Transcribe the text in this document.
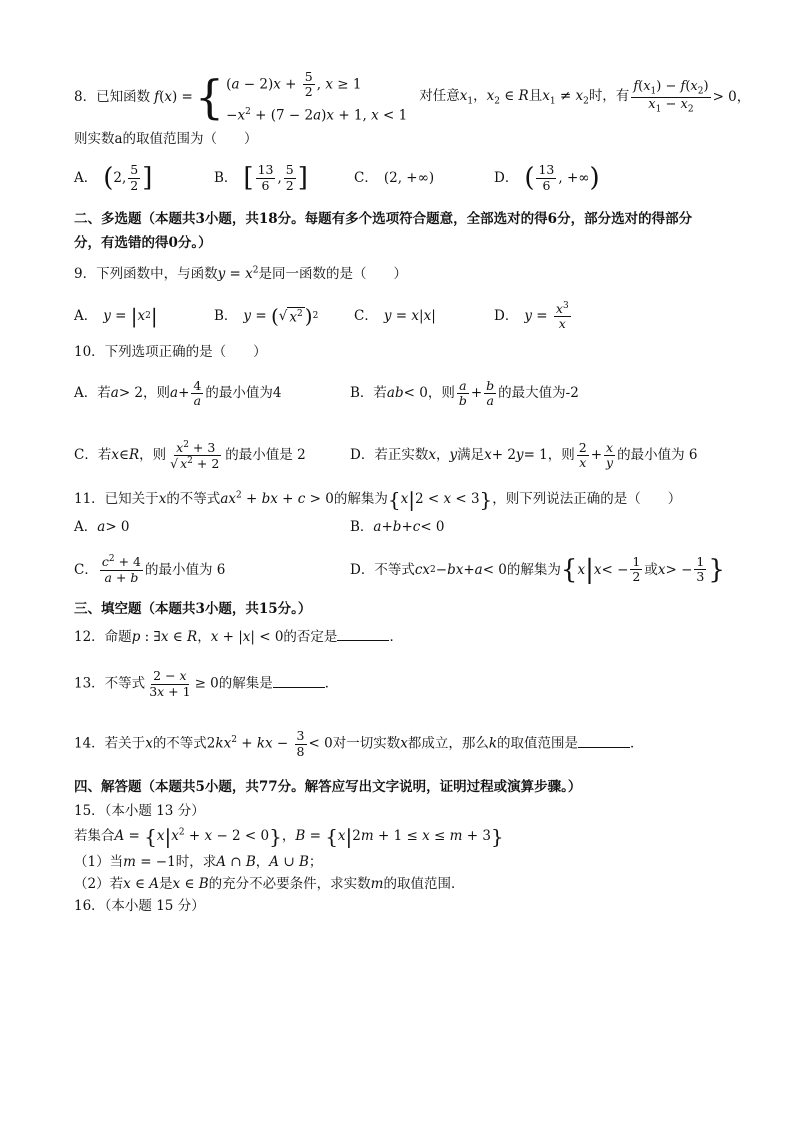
8． 已知函数 f(x) = { $(a - 2)x + \frac{5}{2}$ , x ≥ 1
$-x^2 + (7 - 2a)x + 1$, x < 1
对任意$x_1$，$x_2$ ∈ R且$x_1 \ne x_2$时，有 $\frac{f(x_1) - f(x_2)}{x_1 - x_2} > 0$，
则实数a的取值范围为（　　）
A． ( 2, $\frac{5}{2}$ ]	B． [ $\frac{13}{6}$ , $\frac{5}{2}$ ]	C． (2, +∞)	D． ( $\frac{13}{6}$ , +∞ )
二、多选题（本题共3小题，共18分。每题有多个选项符合题意，全部选对的得6分，部分选对的得部分
分，有选错的得0分。）
9．下列函数中，与函数$y = x^2$是同一函数的是（　　）
A． y = | x 2 |	B． y = ( √ $x^2$ ) 2	C． y = x | x |	D． $y = \frac{x^3}{x}$
10．下列选项正确的是（　　）
A．若 a > 2，则 $a + \frac{4}{a}$ 的最小值为4	B．若 ab < 0，则 $\frac{a}{b} + \frac{b}{a}$ 的最大值为-2
C．若 x ∈ R ，则 $\frac{x^2 + 3}{√ x^2 + 2}$ 的最小值是 2	D．若正实数 x ， y 满足 x + 2 y = 1，则 $\frac{2}{x} + \frac{x}{y}$ 的最小值为 6
11．已知关于x的不等式$ax^2$ + bx + c > 0的解集为{x|2 < x < 3}，则下列说法正确的是（　　）
A． a > 0	B． a + b + c < 0
C． $\frac{c^2 + 4}{a + b}$ 的最小值为 6	D．不等式 cx 2 − bx + a < 0的解集为 { x | x < − $\frac{1}{2}$ 或 x > − $\frac{1}{3}$ }
三、填空题（本题共3小题，共15分。）
12．命题p : ∃x ∈ R，x + |x| < 0的否定是	．
13．不等式 $\frac{2 - x}{3x + 1} \ge 0$的解集是	．
14．若关于x的不等式$2kx^2$ + kx − $\frac{3}{8} < 0$对一切实数x都成立，那么k的取值范围是	．
四、解答题（本题共5小题，共77分。解答应写出文字说明，证明过程或演算步骤。）
15．（本小题 13 分）
若集合$A = \{x|x^2 + x - 2 < 0\}$，B = {x|2m + 1 ≤ x ≤ m + 3}
（1）当m = −1时，求A ∩ B，A ∪ B；
（2）若x ∈ A是x ∈ B的充分不必要条件，求实数m的取值范围．
16．（本小题 15 分）
